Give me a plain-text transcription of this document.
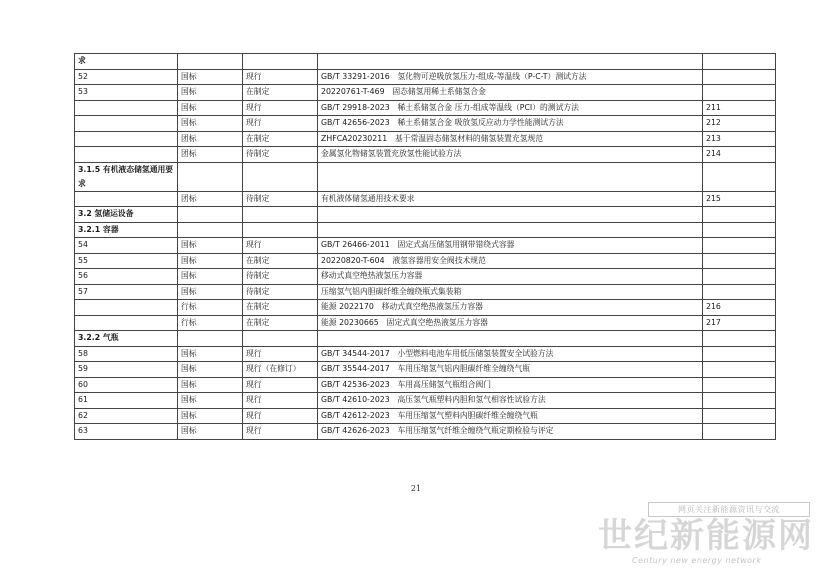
求				
52	国标	现行	GB/T 33291-2016　氢化物可逆吸放氢压力-组成-等温线（P-C-T）测试方法	
53	国标	在制定	20220761-T-469　固态储氢用稀土系储氢合金	
	国标	现行	GB/T 29918-2023　稀土系储氢合金 压力-组成等温线（PCI）的测试方法	211
	国标	现行	GB/T 42656-2023　稀土系储氢合金 吸放氢反应动力学性能测试方法	212
	团标	在制定	ZHFCA20230211　基于常温固态储氢材料的储氢装置充氢规范	213
	团标	待制定	金属氢化物储氢装置充放氢性能试验方法	214
3.1.5 有机液态储氢通用要求				
	团标	待制定	有机液体储氢通用技术要求	215
3.2 氢储运设备				
3.2.1 容器				
54	国标	现行	GB/T 26466-2011　固定式高压储氢用钢带错绕式容器	
55	国标	在制定	20220820-T-604　液氢容器用安全阀技术规范	
56	国标	待制定	移动式真空绝热液氢压力容器	
57	国标	待制定	压缩氢气铝内胆碳纤维全缠绕瓶式集装箱	
	行标	在制定	能源 2022170　移动式真空绝热液氢压力容器	216
	行标	在制定	能源 20230665　固定式真空绝热液氢压力容器	217
3.2.2 气瓶				
58	国标	现行	GB/T 34544-2017　小型燃料电池车用低压储氢装置安全试验方法	
59	国标	现行（在修订）	GB/T 35544-2017　车用压缩氢气铝内胆碳纤维全缠绕气瓶	
60	国标	现行	GB/T 42536-2023　车用高压储氢气瓶组合阀门	
61	国标	现行	GB/T 42610-2023　高压氢气瓶塑料内胆和氢气相容性试验方法	
62	国标	现行	GB/T 42612-2023　车用压缩氢气塑料内胆碳纤维全缠绕气瓶	
63	国标	现行	GB/T 42626-2023　车用压缩氢气纤维全缠绕气瓶定期检验与评定	
21
网页关注新能源资讯与交流
世纪新能源网
Century new energy network
